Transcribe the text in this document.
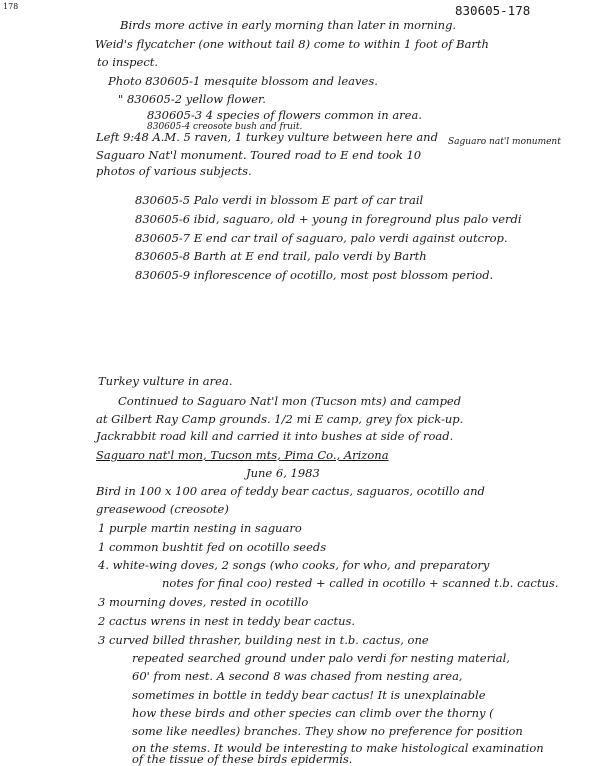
178	830605-178
Birds more active in early morning than later in morning.
Weid's flycatcher (one without tail 8) come to within 1 foot of Barth
to inspect.
Photo 830605-1 mesquite blossom and leaves.
" 830605-2 yellow flower.
830605-3 4 species of flowers common in area.
830605-4 creosote bush and fruit.
Left 9:48 A.M. 5 raven, 1 turkey vulture between here and
Saguaro Nat'l monument. Toured road to E end took 10
Saguaro nat'l monument
photos of various subjects.
830605-5 Palo verdi in blossom E part of car trail
830605-6 ibid, saguaro, old + young in foreground plus palo verdi
830605-7 E end car trail of saguaro, palo verdi against outcrop.
830605-8 Barth at E end trail, palo verdi by Barth
830605-9 inflorescence of ocotillo, most post blossom period.
Turkey vulture in area.
Continued to Saguaro Nat'l mon (Tucson mts) and camped
at Gilbert Ray Camp grounds. 1/2 mi E camp, grey fox pick-up.
Jackrabbit road kill and carried it into bushes at side of road.
Saguaro nat'l mon, Tucson mts, Pima Co., Arizona
June 6, 1983
Bird in 100 x 100 area of teddy bear cactus, saguaros, ocotillo and
greasewood (creosote)
1 purple martin nesting in saguaro
1 common bushtit fed on ocotillo seeds
4. white-wing doves, 2 songs (who cooks, for who, and preparatory
notes for final coo) rested + called in ocotillo + scanned t.b. cactus.
3 mourning doves, rested in ocotillo
2 cactus wrens in nest in teddy bear cactus.
3 curved billed thrasher, building nest in t.b. cactus, one
repeated searched ground under palo verdi for nesting material,
60' from nest. A second 8 was chased from nesting area,
sometimes in bottle in teddy bear cactus! It is unexplainable
how these birds and other species can climb over the thorny (
some like needles) branches. They show no preference for position
on the stems. It would be interesting to make histological examination
of the tissue of these birds epidermis.
